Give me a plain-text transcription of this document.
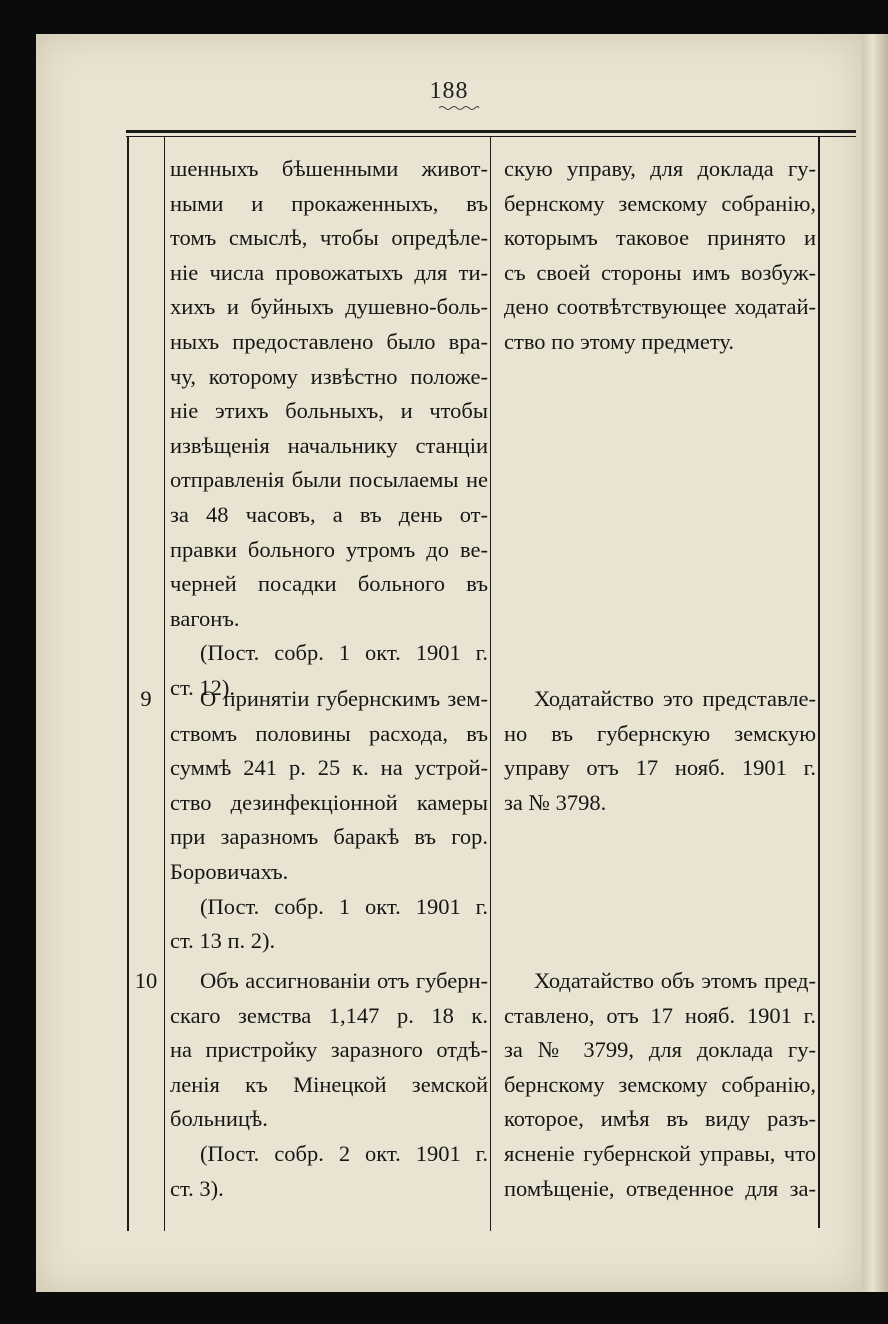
188

шенныхъ бѣшенными живот-

ными и прокаженныхъ, въ

томъ смыслѣ, чтобы опредѣле-

ніе числа провожатыхъ для ти-

хихъ и буйныхъ душевно-боль-

ныхъ предоставлено было вра-

чу, которому извѣстно положе-

ніе этихъ больныхъ, и чтобы

извѣщенія начальнику станціи

отправленія были посылаемы не

за 48 часовъ, а въ день от-

правки больного утромъ до ве-

черней посадки больного въ

вагонъ.

(Пост. собр. 1 окт. 1901 г.

ст. 12).

скую управу, для доклада гу-

бернскому земскому собранію,

которымъ таковое принято и

съ своей стороны имъ возбуж-

дено соотвѣтствующее ходатай-

ство по этому предмету.

9	О принятіи губернскимъ зем-

ствомъ половины расхода, въ

суммѣ 241 р. 25 к. на устрой-

ство дезинфекціонной камеры

при заразномъ баракѣ въ гор.

Боровичахъ.

(Пост. собр. 1 окт. 1901 г.

ст. 13 п. 2).

Ходатайство это представле-

но въ губернскую земскую

управу отъ 17 нояб. 1901 г.

за № 3798.

10	Объ ассигнованіи отъ губерн-

скаго земства 1,147 р. 18 к.

на пристройку заразного отдѣ-

ленія къ Мінецкой земской

больницѣ.

(Пост. собр. 2 окт. 1901 г.

ст. 3).

Ходатайство объ этомъ пред-

ставлено, отъ 17 нояб. 1901 г.

за № 3799, для доклада гу-

бернскому земскому собранію,

которое, имѣя въ виду разъ-

ясненіе губернской управы, что

помѣщеніе, отведенное для за-
